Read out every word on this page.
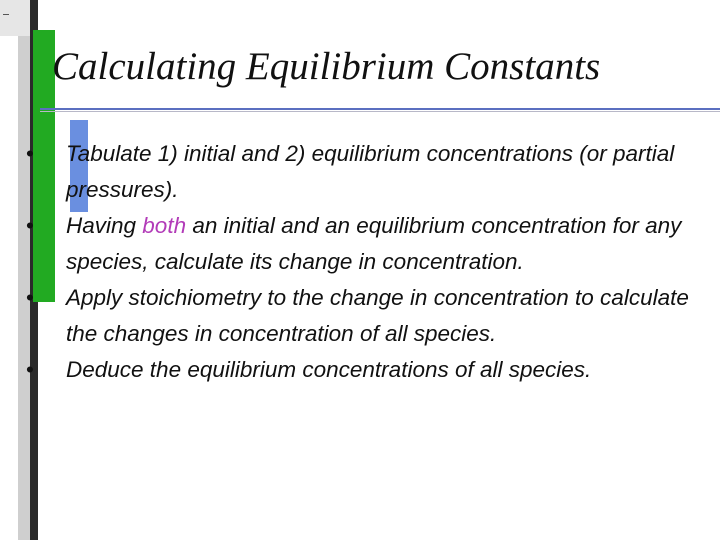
Calculating Equilibrium Constants
• Tabulate 1) initial and 2) equilibrium concentrations (or partial pressures).
• Having both an initial and an equilibrium concentration for any species, calculate its change in concentration.
• Apply stoichiometry to the change in concentration to calculate the changes in concentration of all species.
• Deduce the equilibrium concentrations of all species.
